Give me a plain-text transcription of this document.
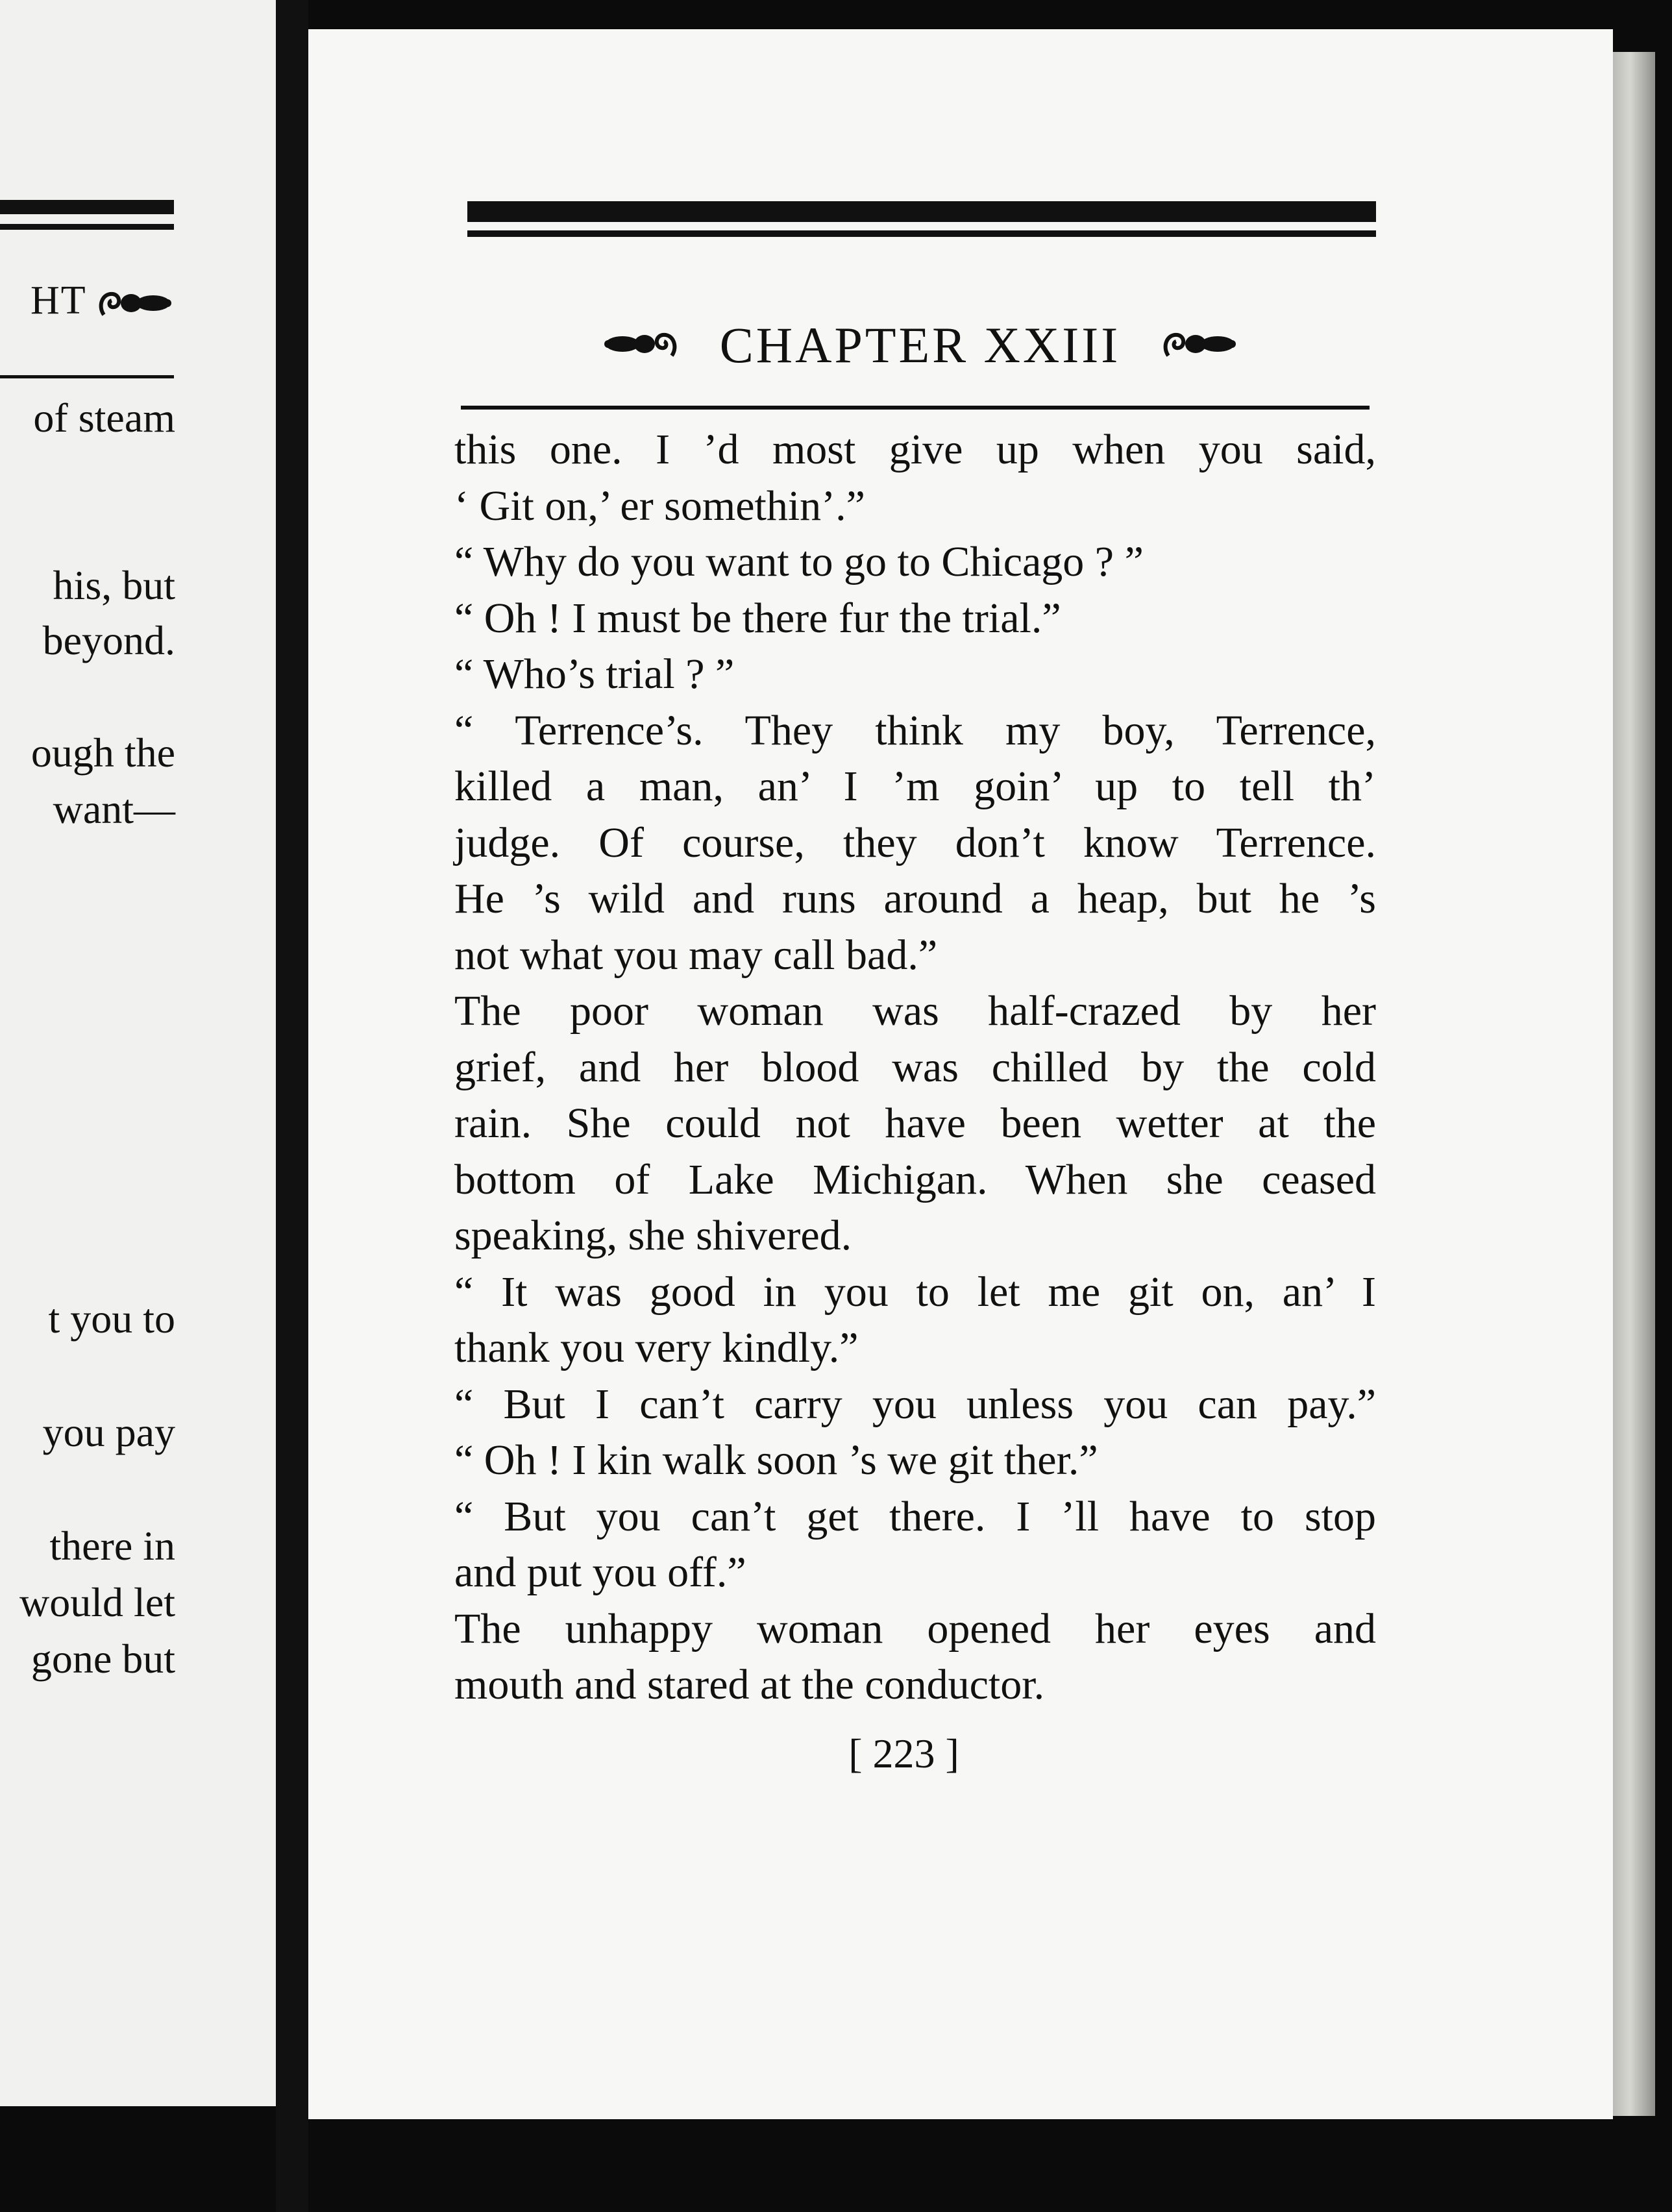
HT
of steam
his, but
beyond.
ough the
want—
t you to
you pay
there in
would let
gone but
CHAPTER XXIII
this one. I ’d most give up when you said,
‘ Git on,’ er somethin’.”
“ Why do you want to go to Chicago ? ”
“ Oh ! I must be there fur the trial.”
“ Who’s trial ? ”
“ Terrence’s. They think my boy, Terrence,
killed a man, an’ I ’m goin’ up to tell th’
judge. Of course, they don’t know Terrence.
He ’s wild and runs around a heap, but he ’s
not what you may call bad.”
The poor woman was half-crazed by her
grief, and her blood was chilled by the cold
rain. She could not have been wetter at the
bottom of Lake Michigan. When she ceased
speaking, she shivered.
“ It was good in you to let me git on, an’ I
thank you very kindly.”
“ But I can’t carry you unless you can pay.”
“ Oh ! I kin walk soon ’s we git ther.”
“ But you can’t get there. I ’ll have to stop
and put you off.”
The unhappy woman opened her eyes and
mouth and stared at the conductor.
[ 223 ]
